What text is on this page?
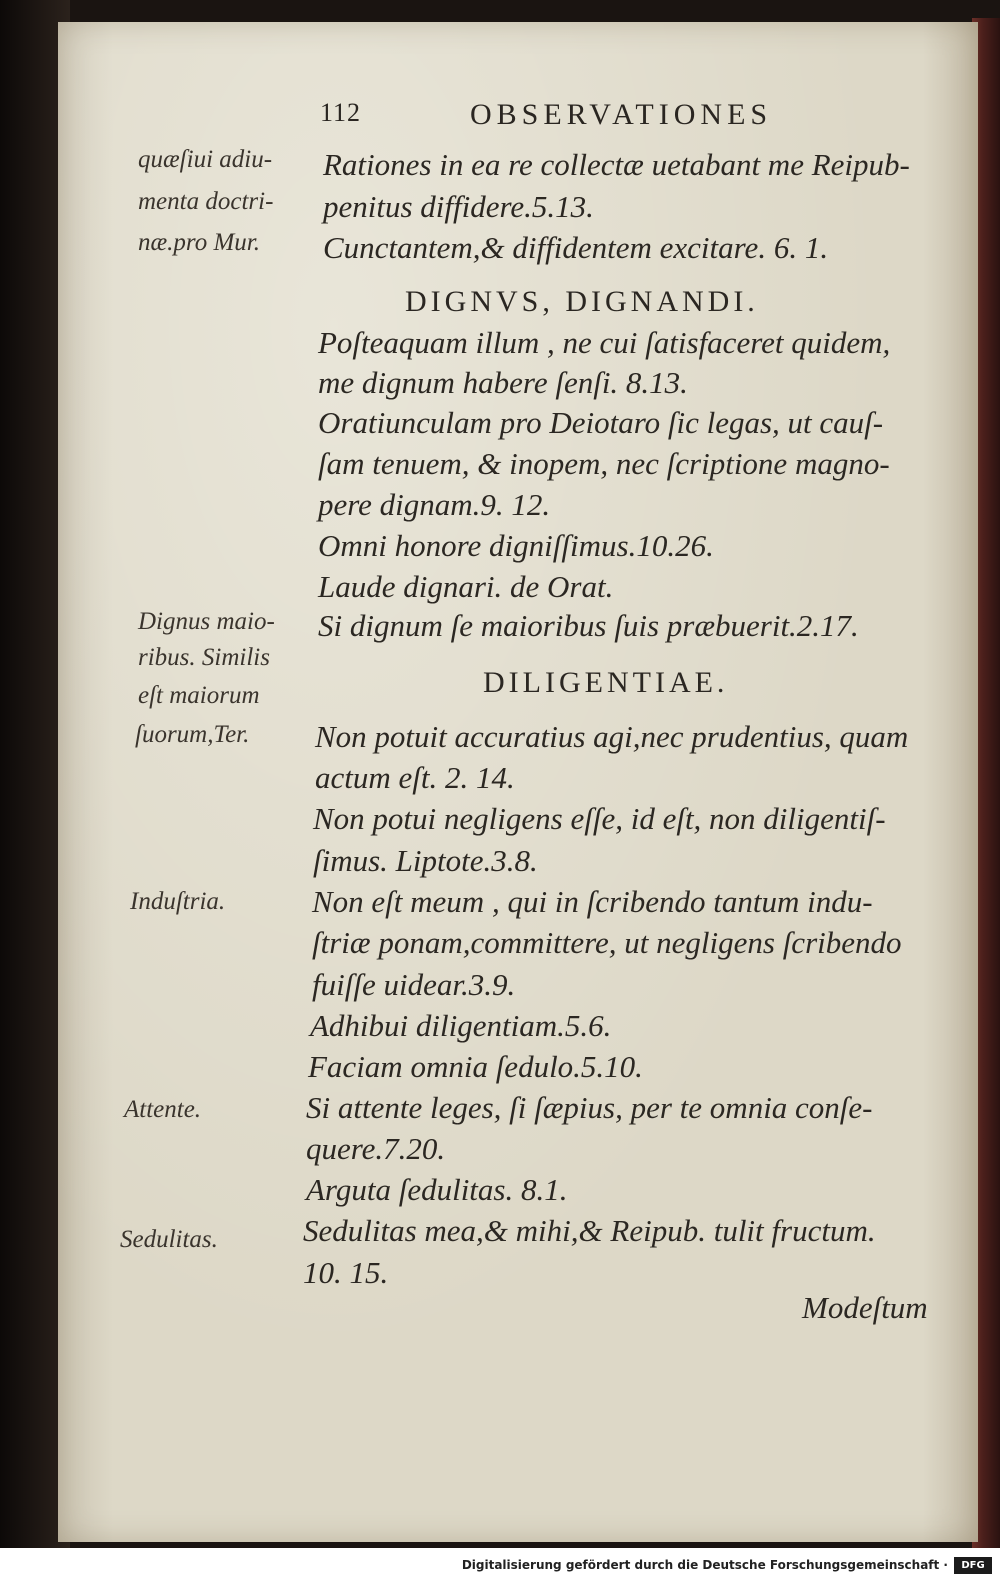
112	OBSERVATIONES
quæſiui adiu-
menta doctri-
næ.pro Mur.
Dignus maio-
ribus. Similis
eſt maiorum
ſuorum,Ter.
Induſtria.
Attente.
Sedulitas.
DIGNVS, DIGNANDI.
DILIGENTIAE.
Rationes in ea re collectæ uetabant me Reipub-
penitus diffidere.5.13.
Cunctantem,& diffidentem excitare. 6. 1.
Poſteaquam illum , ne cui ſatisfaceret quidem,
me dignum habere ſenſi. 8.13.
Oratiunculam pro Deiotaro ſic legas, ut cauſ-
ſam tenuem, & inopem, nec ſcriptione magno-
pere dignam.9. 12.
Omni honore digniſſimus.10.26.
Laude dignari. de Orat.
Si dignum ſe maioribus ſuis præbuerit.2.17.
Non potuit accuratius agi,nec prudentius, quam
actum eſt. 2. 14.
Non potui negligens eſſe, id eſt, non diligentiſ-
ſimus. Liptote.3.8.
Non eſt meum , qui in ſcribendo tantum indu-
ſtriæ ponam,committere, ut negligens ſcribendo
fuiſſe uidear.3.9.
Adhibui diligentiam.5.6.
Faciam omnia ſedulo.5.10.
Si attente leges, ſi ſæpius, per te omnia conſe-
quere.7.20.
Arguta ſedulitas. 8.1.
Sedulitas mea,& mihi,& Reipub. tulit fructum.
10. 15.
Modeſtum
Digitalisierung gefördert durch die Deutsche Forschungsgemeinschaft ·	DFG
